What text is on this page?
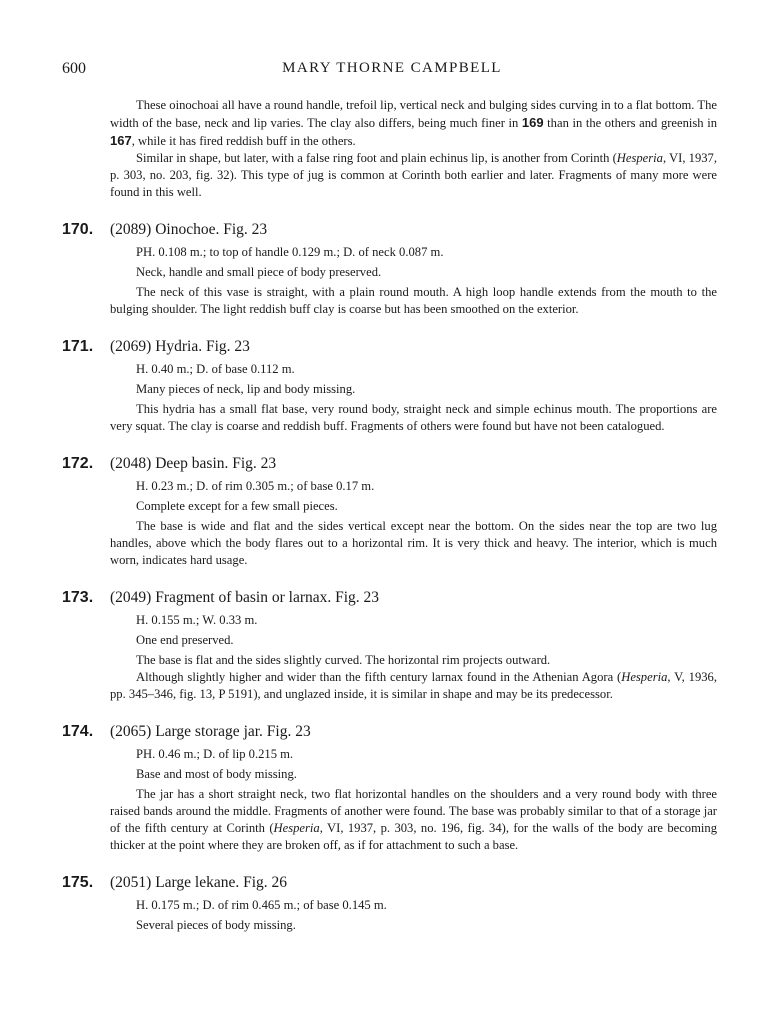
600	MARY THORNE CAMPBELL

These oinochoai all have a round handle, trefoil lip, vertical neck and bulging sides curving in to a flat bottom. The width of the base, neck and lip varies. The clay also differs, being much finer in 169 than in the others and greenish in 167, while it has fired reddish buff in the others.

Similar in shape, but later, with a false ring foot and plain echinus lip, is another from Corinth (Hesperia, VI, 1937, p. 303, no. 203, fig. 32). This type of jug is common at Corinth both earlier and later. Fragments of many more were found in this well.

170. (2089) Oinochoe. Fig. 23

PH. 0.108 m.; to top of handle 0.129 m.; D. of neck 0.087 m.

Neck, handle and small piece of body preserved.

The neck of this vase is straight, with a plain round mouth. A high loop handle extends from the mouth to the bulging shoulder. The light reddish buff clay is coarse but has been smoothed on the exterior.

171. (2069) Hydria. Fig. 23

H. 0.40 m.; D. of base 0.112 m.

Many pieces of neck, lip and body missing.

This hydria has a small flat base, very round body, straight neck and simple echinus mouth. The proportions are very squat. The clay is coarse and reddish buff. Fragments of others were found but have not been catalogued.

172. (2048) Deep basin. Fig. 23

H. 0.23 m.; D. of rim 0.305 m.; of base 0.17 m.

Complete except for a few small pieces.

The base is wide and flat and the sides vertical except near the bottom. On the sides near the top are two lug handles, above which the body flares out to a horizontal rim. It is very thick and heavy. The interior, which is much worn, indicates hard usage.

173. (2049) Fragment of basin or larnax. Fig. 23

H. 0.155 m.; W. 0.33 m.

One end preserved.

The base is flat and the sides slightly curved. The horizontal rim projects outward.

Although slightly higher and wider than the fifth century larnax found in the Athenian Agora (Hesperia, V, 1936, pp. 345–346, fig. 13, P 5191), and unglazed inside, it is similar in shape and may be its predecessor.

174. (2065) Large storage jar. Fig. 23

PH. 0.46 m.; D. of lip 0.215 m.

Base and most of body missing.

The jar has a short straight neck, two flat horizontal handles on the shoulders and a very round body with three raised bands around the middle. Fragments of another were found. The base was probably similar to that of a storage jar of the fifth century at Corinth (Hesperia, VI, 1937, p. 303, no. 196, fig. 34), for the walls of the body are becoming thicker at the point where they are broken off, as if for attachment to such a base.

175. (2051) Large lekane. Fig. 26

H. 0.175 m.; D. of rim 0.465 m.; of base 0.145 m.

Several pieces of body missing.
